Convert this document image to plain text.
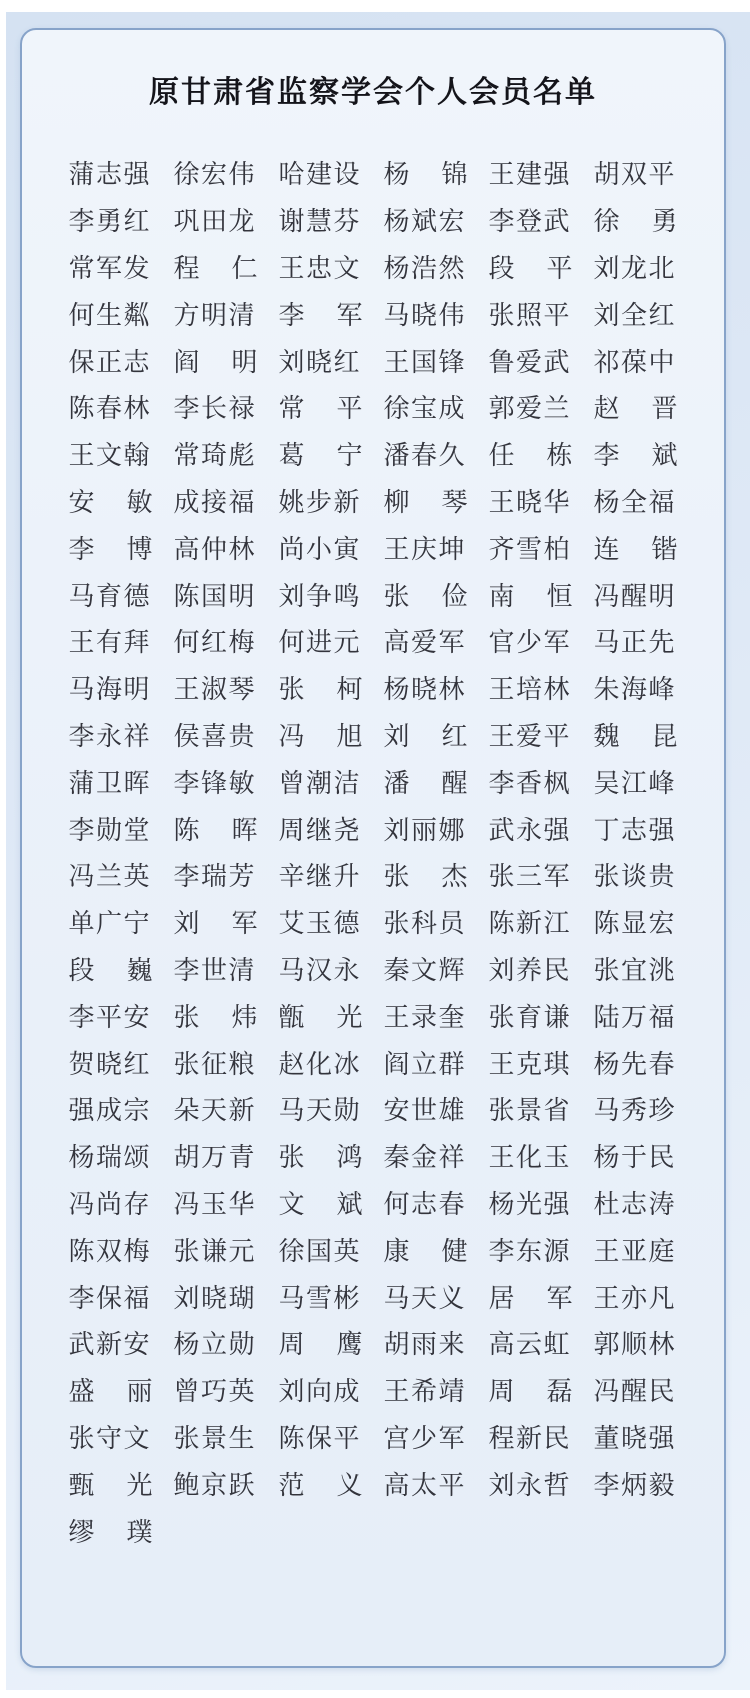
原甘肃省监察学会个人会员名单
蒲志强 徐宏伟 哈建设 杨 锦 王建强 胡双平
李勇红 巩田龙 谢慧芬 杨斌宏 李登武 徐 勇
常军发 程 仁 王忠文 杨浩然 段 平 刘龙北
何生粼 方明清 李 军 马晓伟 张照平 刘全红
保正志 阎 明 刘晓红 王国锋 鲁爱武 祁葆中
陈春林 李长禄 常 平 徐宝成 郭爱兰 赵 晋
王文翰 常琦彪 葛 宁 潘春久 任 栋 李 斌
安 敏 成接福 姚步新 柳 琴 王晓华 杨全福
李 博 高仲林 尚小寅 王庆坤 齐雪柏 连 锴
马育德 陈国明 刘争鸣 张 俭 南 恒 冯醒明
王有拜 何红梅 何进元 高爱军 官少军 马正先
马海明 王淑琴 张 柯 杨晓林 王培林 朱海峰
李永祥 侯喜贵 冯 旭 刘 红 王爱平 魏 昆
蒲卫晖 李锋敏 曾潮洁 潘 醒 李香枫 吴江峰
李勋堂 陈 晖 周继尧 刘丽娜 武永强 丁志强
冯兰英 李瑞芳 辛继升 张 杰 张三军 张谈贵
单广宁 刘 军 艾玉德 张科员 陈新江 陈显宏
段 巍 李世清 马汉永 秦文辉 刘养民 张宜洮
李平安 张 炜 甑 光 王录奎 张育谦 陆万福
贺晓红 张征粮 赵化冰 阎立群 王克琪 杨先春
强成宗 朵天新 马天勋 安世雄 张景省 马秀珍
杨瑞颂 胡万青 张 鸿 秦金祥 王化玉 杨于民
冯尚存 冯玉华 文 斌 何志春 杨光强 杜志涛
陈双梅 张谦元 徐国英 康 健 李东源 王亚庭
李保福 刘晓瑚 马雪彬 马天义 居 军 王亦凡
武新安 杨立勋 周 鹰 胡雨来 高云虹 郭顺林
盛 丽 曾巧英 刘向成 王希靖 周 磊 冯醒民
张守文 张景生 陈保平 宫少军 程新民 董晓强
甄 光 鲍京跃 范 义 高太平 刘永哲 李炳毅
缪 璞
